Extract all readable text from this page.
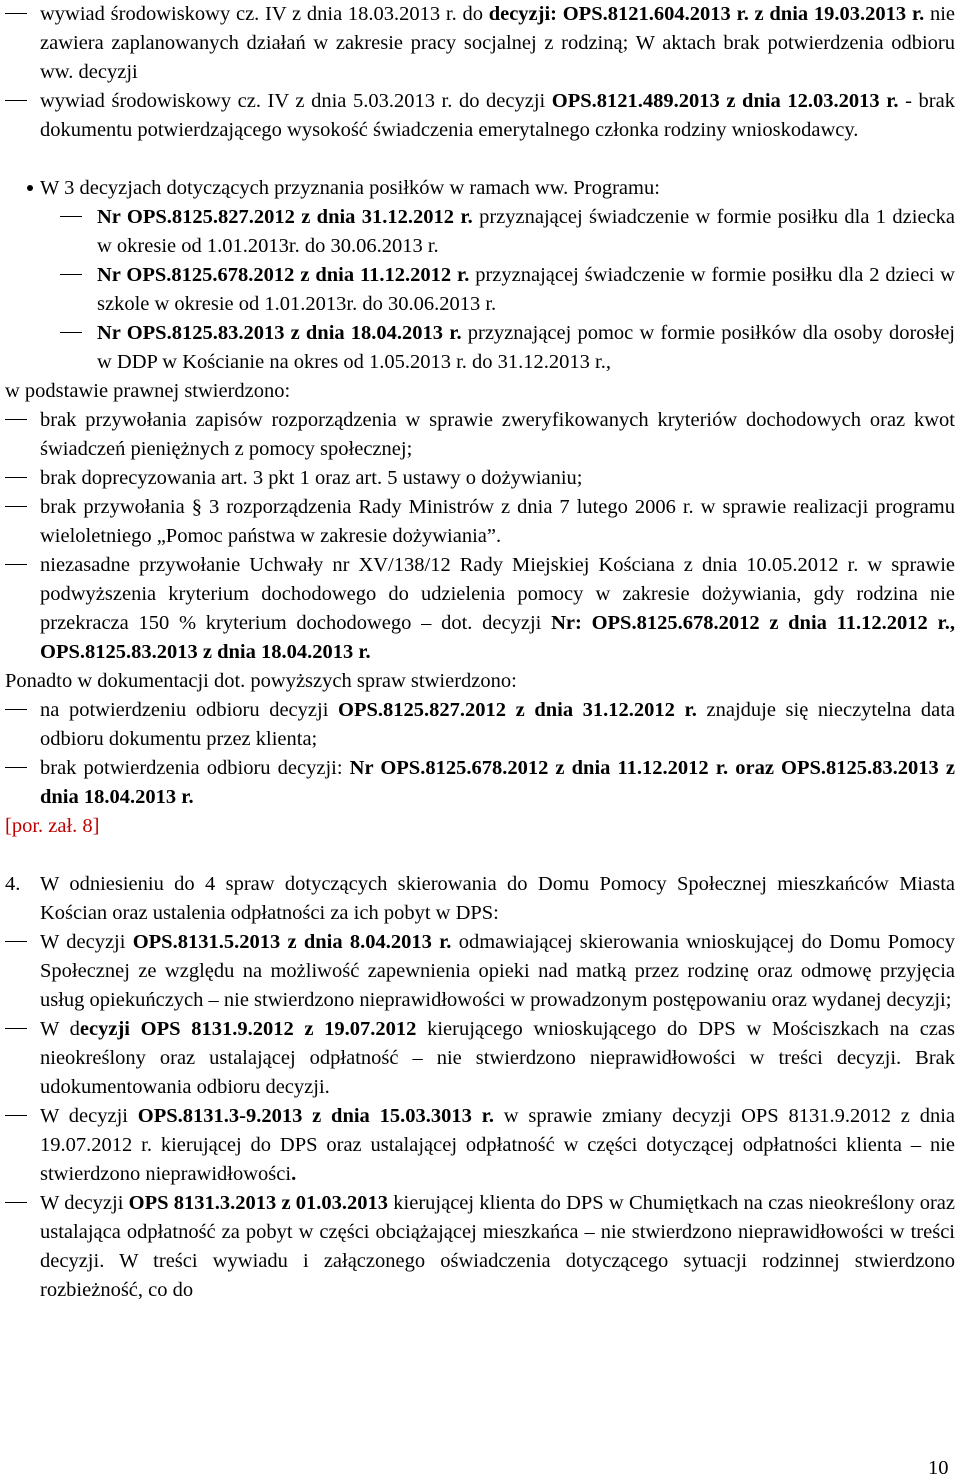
wywiad środowiskowy cz. IV z dnia 18.03.2013 r. do decyzji: OPS.8121.604.2013 r. z dnia 19.03.2013 r. nie zawiera zaplanowanych działań w zakresie pracy socjalnej z rodziną; W aktach brak potwierdzenia odbioru ww. decyzji
wywiad środowiskowy cz. IV z dnia 5.03.2013 r. do decyzji OPS.8121.489.2013 z dnia 12.03.2013 r. - brak dokumentu potwierdzającego wysokość świadczenia emerytalnego członka rodziny wnioskodawcy.
W 3 decyzjach dotyczących przyznania posiłków w ramach ww. Programu:
Nr OPS.8125.827.2012 z dnia 31.12.2012 r. przyznającej świadczenie w formie posiłku dla 1 dziecka w okresie od 1.01.2013r. do 30.06.2013 r.
Nr OPS.8125.678.2012 z dnia 11.12.2012 r. przyznającej świadczenie w formie posiłku dla 2 dzieci w szkole w okresie od 1.01.2013r. do 30.06.2013 r.
Nr OPS.8125.83.2013 z dnia 18.04.2013 r. przyznającej pomoc w formie posiłków dla osoby dorosłej w DDP w Kościanie na okres od 1.05.2013 r. do 31.12.2013 r.,
w podstawie prawnej stwierdzono:
brak przywołania zapisów rozporządzenia w sprawie zweryfikowanych kryteriów dochodowych oraz kwot świadczeń pieniężnych z pomocy społecznej;
brak doprecyzowania art. 3 pkt 1 oraz art. 5 ustawy o dożywianiu;
brak przywołania § 3 rozporządzenia Rady Ministrów z dnia 7 lutego 2006 r. w sprawie realizacji programu wieloletniego „Pomoc państwa w zakresie dożywiania”.
niezasadne przywołanie Uchwały nr XV/138/12 Rady Miejskiej Kościana z dnia 10.05.2012 r. w sprawie podwyższenia kryterium dochodowego do udzielenia pomocy w zakresie dożywiania, gdy rodzina nie przekracza 150 % kryterium dochodowego – dot. decyzji Nr: OPS.8125.678.2012 z dnia 11.12.2012 r., OPS.8125.83.2013 z dnia 18.04.2013 r.
Ponadto w dokumentacji dot. powyższych spraw stwierdzono:
na potwierdzeniu odbioru decyzji OPS.8125.827.2012 z dnia 31.12.2012 r. znajduje się nieczytelna data odbioru dokumentu przez klienta;
brak potwierdzenia odbioru decyzji: Nr OPS.8125.678.2012 z dnia 11.12.2012 r. oraz OPS.8125.83.2013 z dnia 18.04.2013 r.
[por. zał. 8]
4. W odniesieniu do 4 spraw dotyczących skierowania do Domu Pomocy Społecznej mieszkańców Miasta Kościan oraz ustalenia odpłatności za ich pobyt w DPS:
W decyzji OPS.8131.5.2013 z dnia 8.04.2013 r. odmawiającej skierowania wnioskującej do Domu Pomocy Społecznej ze względu na możliwość zapewnienia opieki nad matką przez rodzinę oraz odmowę przyjęcia usług opiekuńczych – nie stwierdzono nieprawidłowości w prowadzonym postępowaniu oraz wydanej decyzji;
W decyzji OPS 8131.9.2012 z 19.07.2012 kierującego wnioskującego do DPS w Mościszkach na czas nieokreślony oraz ustalającej odpłatność – nie stwierdzono nieprawidłowości w treści decyzji. Brak udokumentowania odbioru decyzji.
W decyzji OPS.8131.3-9.2013 z dnia 15.03.3013 r. w sprawie zmiany decyzji OPS 8131.9.2012 z dnia 19.07.2012 r. kierującej do DPS oraz ustalającej odpłatność w części dotyczącej odpłatności klienta – nie stwierdzono nieprawidłowości.
W decyzji OPS 8131.3.2013 z 01.03.2013 kierującej klienta do DPS w Chumiętkach na czas nieokreślony oraz ustalająca odpłatność za pobyt w części obciążającej mieszkańca – nie stwierdzono nieprawidłowości w treści decyzji. W treści wywiadu i załączonego oświadczenia dotyczącego sytuacji rodzinnej stwierdzono rozbieżność, co do
10
